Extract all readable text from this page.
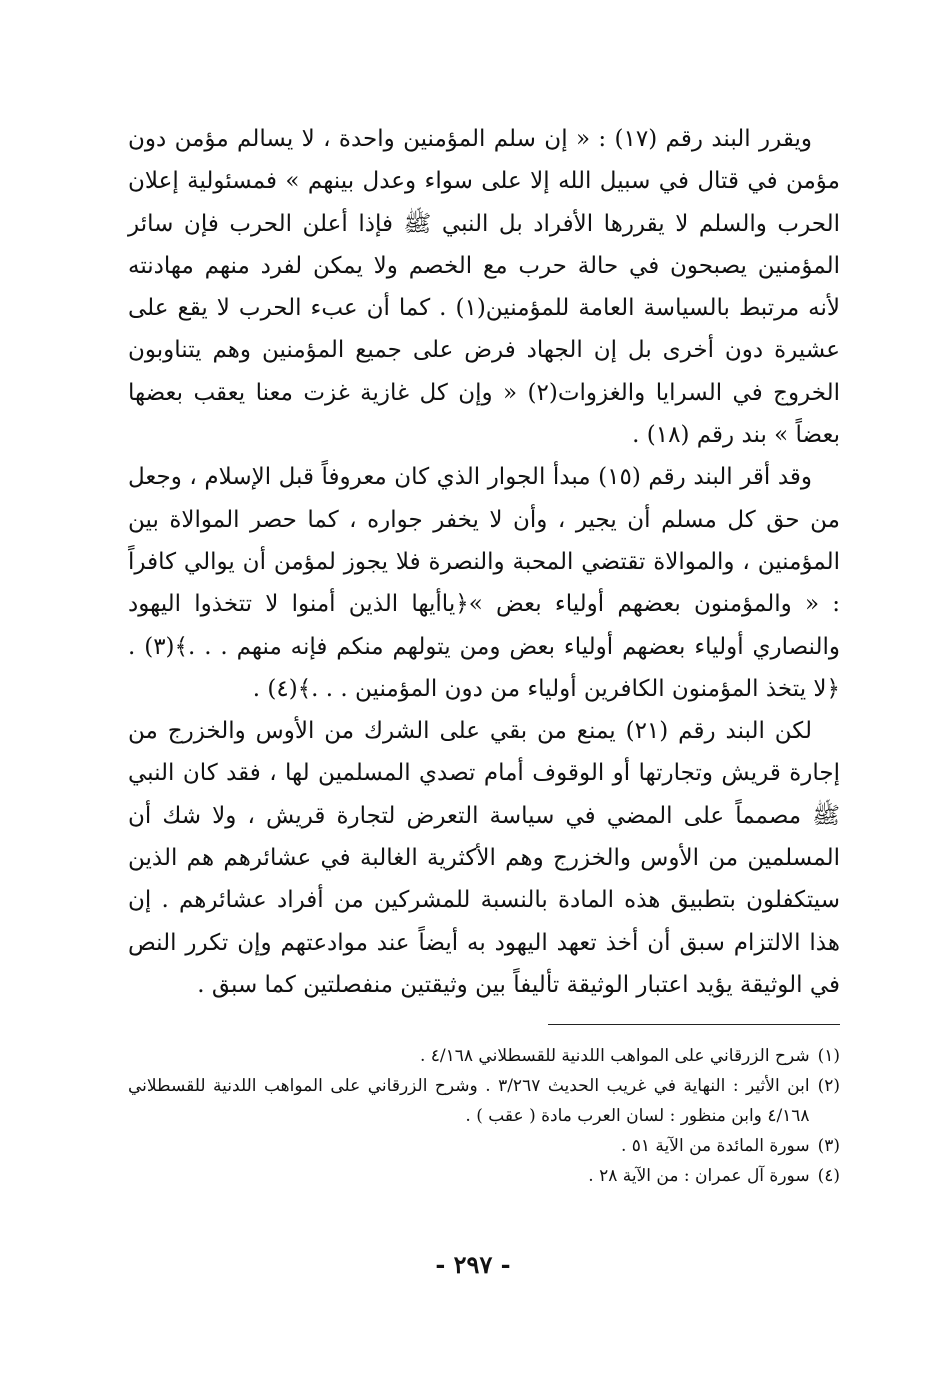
ويقرر البند رقم (١٧) : « إن سلم المؤمنين واحدة ، لا يسالم مؤمن دون مؤمن في قتال في سبيل الله إلا على سواء وعدل بينهم » فمسئولية إعلان الحرب والسلم لا يقررها الأفراد بل النبي ﷺ فإذا أعلن الحرب فإن سائر المؤمنين يصبحون في حالة حرب مع الخصم ولا يمكن لفرد منهم مهادنته لأنه مرتبط بالسياسة العامة للمؤمنين(١) . كما أن عبء الحرب لا يقع على عشيرة دون أخرى بل إن الجهاد فرض على جميع المؤمنين وهم يتناوبون الخروج في السرايا والغزوات(٢) « وإن كل غازية غزت معنا يعقب بعضها بعضاً » بند رقم (١٨) .

وقد أقر البند رقم (١٥) مبدأ الجوار الذي كان معروفاً قبل الإسلام ، وجعل من حق كل مسلم أن يجير ، وأن لا يخفر جواره ، كما حصر الموالاة بين المؤمنين ، والموالاة تقتضي المحبة والنصرة فلا يجوز لمؤمن أن يوالي كافراً : « والمؤمنون بعضهم أولياء بعض »﴿ياأيها الذين أمنوا لا تتخذوا اليهود والنصاري أولياء بعضهم أولياء بعض ومن يتولهم منكم فإنه منهم . . .﴾(٣) . ﴿لا يتخذ المؤمنون الكافرين أولياء من دون المؤمنين . . .﴾(٤) .

لكن البند رقم (٢١) يمنع من بقي على الشرك من الأوس والخزرج من إجارة قريش وتجارتها أو الوقوف أمام تصدي المسلمين لها ، فقد كان النبي ﷺ مصمماً على المضي في سياسة التعرض لتجارة قريش ، ولا شك أن المسلمين من الأوس والخزرج وهم الأكثرية الغالبة في عشائرهم هم الذين سيتكفلون بتطبيق هذه المادة بالنسبة للمشركين من أفراد عشائرهم . إن هذا الالتزام سبق أن أخذ تعهد اليهود به أيضاً عند موادعتهم وإن تكرر النص في الوثيقة يؤيد اعتبار الوثيقة تأليفاً بين وثيقتين منفصلتين كما سبق .

(١)
شرح الزرقاني على المواهب اللدنية للقسطلاني ٤/١٦٨ .
(٢)
ابن الأثير : النهاية في غريب الحديث ٣/٢٦٧ . وشرح الزرقاني على المواهب اللدنية للقسطلاني ٤/١٦٨ وابن منظور : لسان العرب مادة ( عقب ) .
(٣)
سورة المائدة من الآية ٥١ .
(٤)
سورة آل عمران : من الآية ٢٨ .
- ٢٩٧ -
